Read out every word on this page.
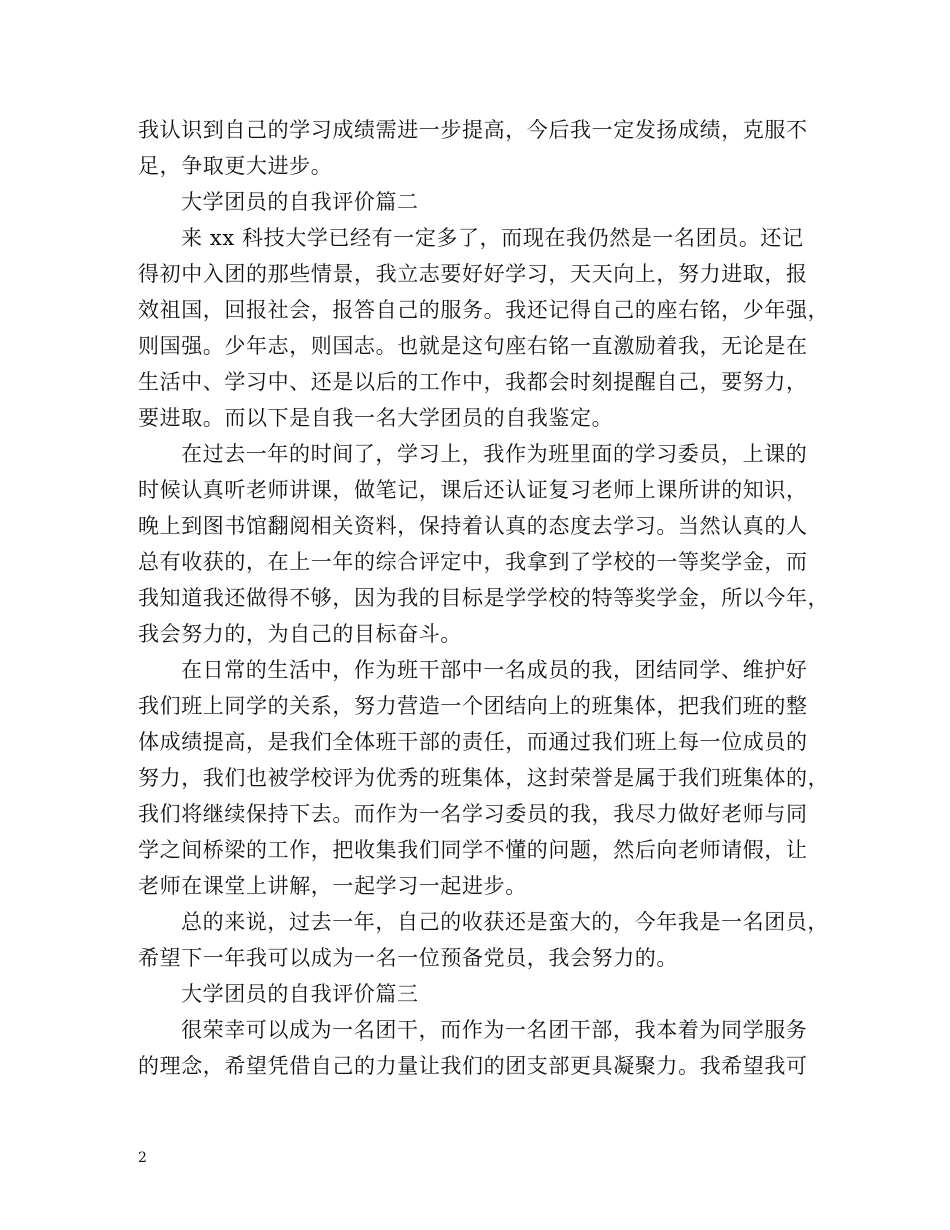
我认识到自己的学习成绩需进一步提高，今后我一定发扬成绩，克服不
足，争取更大进步。
大学团员的自我评价篇二
来 xx 科技大学已经有一定多了，而现在我仍然是一名团员。还记
得初中入团的那些情景，我立志要好好学习，天天向上，努力进取，报
效祖国，回报社会，报答自己的服务。我还记得自己的座右铭，少年强，
则国强。少年志，则国志。也就是这句座右铭一直激励着我，无论是在
生活中、学习中、还是以后的工作中，我都会时刻提醒自己，要努力，
要进取。而以下是自我一名大学团员的自我鉴定。
在过去一年的时间了，学习上，我作为班里面的学习委员，上课的
时候认真听老师讲课，做笔记，课后还认证复习老师上课所讲的知识，
晚上到图书馆翻阅相关资料，保持着认真的态度去学习。当然认真的人
总有收获的，在上一年的综合评定中，我拿到了学校的一等奖学金，而
我知道我还做得不够，因为我的目标是学学校的特等奖学金，所以今年，
我会努力的，为自己的目标奋斗。
在日常的生活中，作为班干部中一名成员的我，团结同学、维护好
我们班上同学的关系，努力营造一个团结向上的班集体，把我们班的整
体成绩提高，是我们全体班干部的责任，而通过我们班上每一位成员的
努力，我们也被学校评为优秀的班集体，这封荣誉是属于我们班集体的，
我们将继续保持下去。而作为一名学习委员的我，我尽力做好老师与同
学之间桥梁的工作，把收集我们同学不懂的问题，然后向老师请假，让
老师在课堂上讲解，一起学习一起进步。
总的来说，过去一年，自己的收获还是蛮大的，今年我是一名团员，
希望下一年我可以成为一名一位预备党员，我会努力的。
大学团员的自我评价篇三
很荣幸可以成为一名团干，而作为一名团干部，我本着为同学服务
的理念，希望凭借自己的力量让我们的团支部更具凝聚力。我希望我可
2
